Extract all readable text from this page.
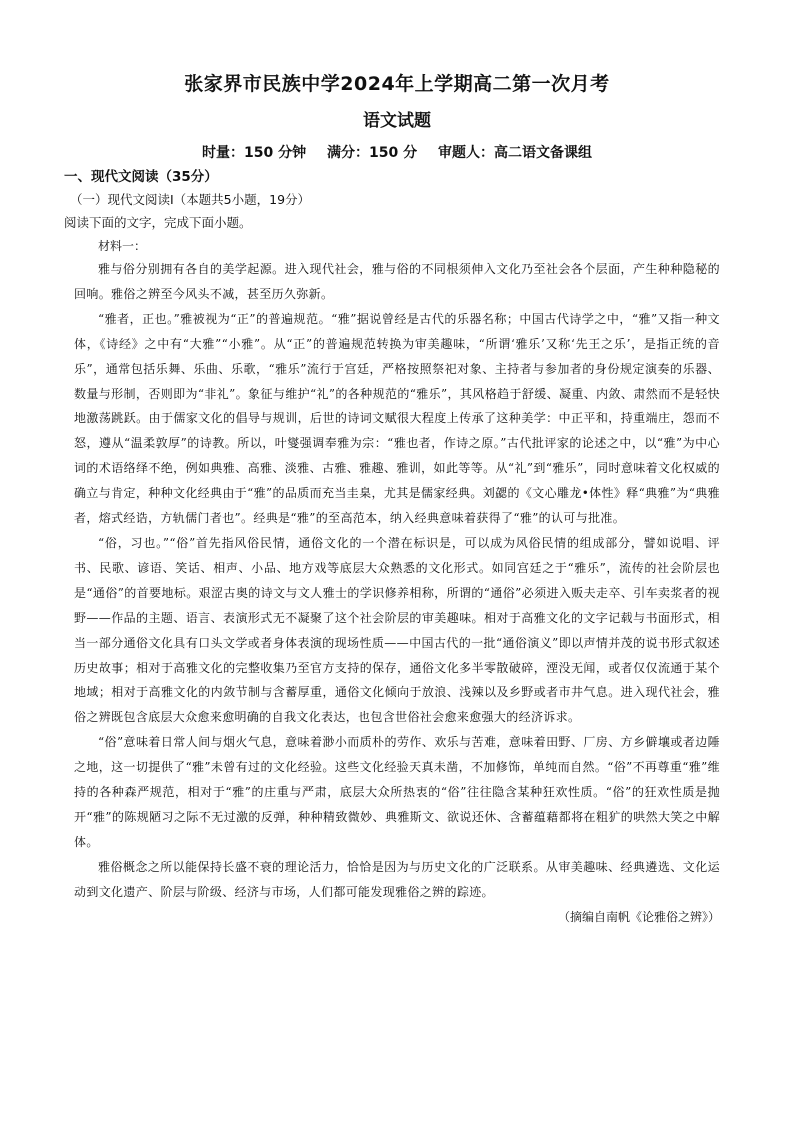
张家界市民族中学2024年上学期高二第一次月考
语文试题
时量：150 分钟 满分：150 分 审题人：高二语文备课组
一、现代文阅读（35分）

（一）现代文阅读Ⅰ（本题共5小题，19分）

阅读下面的文字，完成下面小题。

材料一：

雅与俗分别拥有各自的美学起源。进入现代社会，雅与俗的不同根须伸入文化乃至社会各个层面，产生种种隐秘的回响。雅俗之辨至今风头不减，甚至历久弥新。

“雅者，正也。”雅被视为“正”的普遍规范。“雅”据说曾经是古代的乐器名称；中国古代诗学之中，“雅”又指一种文体，《诗经》之中有“大雅”“小雅”。从“正”的普遍规范转换为审美趣味，“所谓‘雅乐’又称‘先王之乐’，是指正统的音乐”，通常包括乐舞、乐曲、乐歌，“雅乐”流行于宫廷，严格按照祭祀对象、主持者与参加者的身份规定演奏的乐器、数量与形制，否则即为“非礼”。象征与维护“礼”的各种规范的“雅乐”，其风格趋于舒缓、凝重、内敛、肃然而不是轻快地激荡跳跃。由于儒家文化的倡导与规训，后世的诗词文赋很大程度上传承了这种美学：中正平和，持重端庄，怨而不怒，遵从“温柔敦厚”的诗教。所以，叶燮强调奉雅为宗：“雅也者，作诗之原。”古代批评家的论述之中，以“雅”为中心词的术语络绎不绝，例如典雅、高雅、淡雅、古雅、雅趣、雅训，如此等等。从“礼”到“雅乐”，同时意味着文化权威的确立与肯定，种种文化经典由于“雅”的品质而充当圭臬，尤其是儒家经典。刘勰的《文心雕龙•体性》释“典雅”为“典雅者，熔式经诰，方轨儒门者也”。经典是“雅”的至高范本，纳入经典意味着获得了“雅”的认可与批准。

“俗，习也。”“俗”首先指风俗民情，通俗文化的一个潜在标识是，可以成为风俗民情的组成部分，譬如说唱、评书、民歌、谚语、笑话、相声、小品、地方戏等底层大众熟悉的文化形式。如同宫廷之于“雅乐”，流传的社会阶层也是“通俗”的首要地标。艰涩古奥的诗文与文人雅士的学识修养相称，所谓的“通俗”必须进入贩夫走卒、引车卖浆者的视野——作品的主题、语言、表演形式无不凝聚了这个社会阶层的审美趣味。相对于高雅文化的文字记载与书面形式，相当一部分通俗文化具有口头文学或者身体表演的现场性质——中国古代的一批“通俗演义”即以声情并茂的说书形式叙述历史故事；相对于高雅文化的完整收集乃至官方支持的保存，通俗文化多半零散破碎，湮没无闻，或者仅仅流通于某个地域；相对于高雅文化的内敛节制与含蓄厚重，通俗文化倾向于放浪、浅辣以及乡野或者市井气息。进入现代社会，雅俗之辨既包含底层大众愈来愈明确的自我文化表达，也包含世俗社会愈来愈强大的经济诉求。

“俗”意味着日常人间与烟火气息，意味着渺小而质朴的劳作、欢乐与苦难，意味着田野、厂房、方乡僻壤或者边陲之地，这一切提供了“雅”未曾有过的文化经验。这些文化经验天真未凿，不加修饰，单纯而自然。“俗”不再尊重“雅”维持的各种森严规范，相对于“雅”的庄重与严肃，底层大众所热衷的“俗”往往隐含某种狂欢性质。“俗”的狂欢性质是抛开“雅”的陈规陋习之际不无过激的反弹，种种精致微妙、典雅斯文、欲说还休、含蓄蕴藉都将在粗犷的哄然大笑之中解体。

雅俗概念之所以能保持长盛不衰的理论活力，恰恰是因为与历史文化的广泛联系。从审美趣味、经典遴选、文化运动到文化遗产、阶层与阶级、经济与市场，人们都可能发现雅俗之辨的踪迹。

（摘编自南帆《论雅俗之辨》）
